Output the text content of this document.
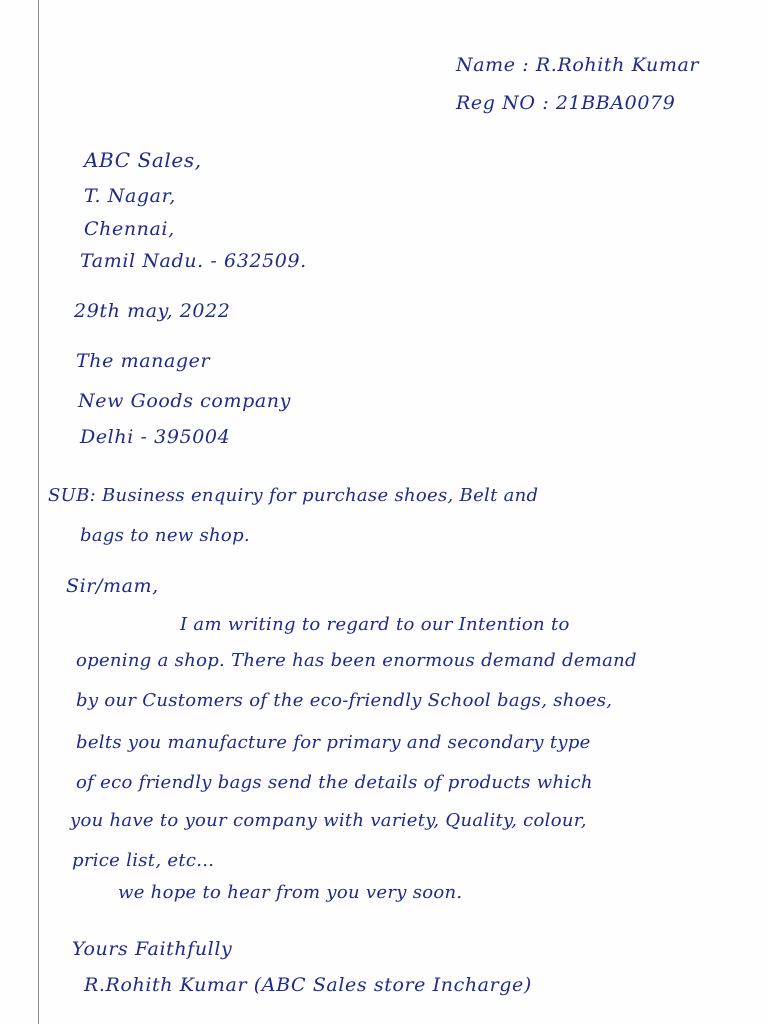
Name : R.Rohith Kumar
Reg NO : 21BBA0079
ABC Sales,
T. Nagar,
Chennai,
Tamil Nadu. - 632509.
29th may, 2022
The manager
New Goods company
Delhi - 395004
SUB: Business enquiry for purchase shoes, Belt and
bags to new shop.
Sir/mam,
I am writing to regard to our Intention to
opening a shop. There has been enormous demand demand
by our Customers of the eco-friendly School bags, shoes,
belts you manufacture for primary and secondary type
of eco friendly bags send the details of products which
you have to your company with variety, Quality, colour,
price list, etc...
we hope to hear from you very soon.
Yours Faithfully
R.Rohith Kumar (ABC Sales store Incharge)
